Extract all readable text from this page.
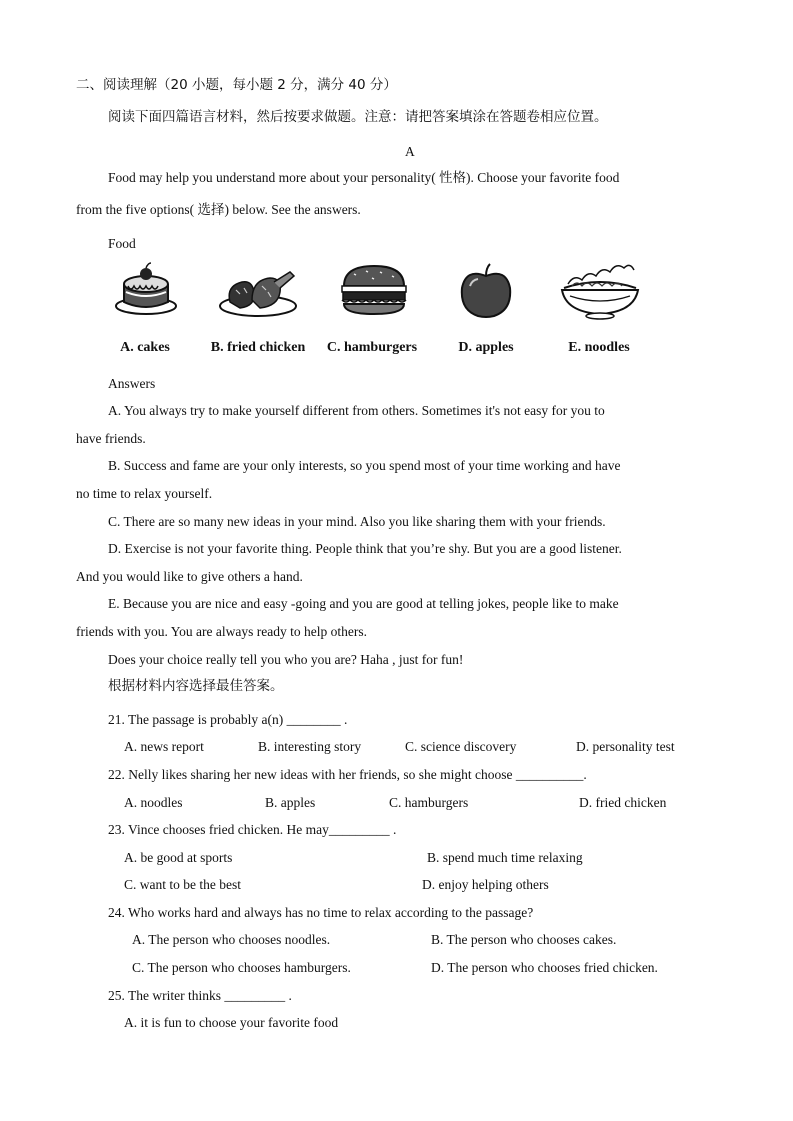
二、阅读理解（20 小题，每小题 2 分，满分 40 分）
阅读下面四篇语言材料，然后按要求做题。注意：请把答案填涂在答题卷相应位置。
A
Food may help you understand more about your personality( 性格). Choose your favorite food
from the five options( 选择) below. See the answers.
Food
A. cakes	B. fried chicken	C. hamburgers	D. apples	E. noodles
Answers
A. You always try to make yourself different from others. Sometimes it's not easy for you to
have friends.
B. Success and fame are your only interests, so you spend most of your time working and have
no time to relax yourself.
C. There are so many new ideas in your mind. Also you like sharing them with your friends.
D. Exercise is not your favorite thing. People think that you’re shy. But you are a good listener.
And you would like to give others a hand.
E. Because you are nice and easy -going and you are good at telling jokes, people like to make
friends with you. You are always ready to help others.
Does your choice really tell you who you are? Haha , just for fun!
根据材料内容选择最佳答案。
21. The passage is probably a(n) ________ .
A. news report	B. interesting story	C. science discovery	D. personality test
22. Nelly likes sharing her new ideas with her friends, so she might choose __________.
A. noodles	B. apples	C. hamburgers	D. fried chicken
23. Vince chooses fried chicken. He may_________ .
A. be good at sports	B. spend much time relaxing
C. want to be the best	D. enjoy helping others
24. Who works hard and always has no time to relax according to the passage?
A. The person who chooses noodles.	B. The person who chooses cakes.
C. The person who chooses hamburgers.	D. The person who chooses fried chicken.
25. The writer thinks _________ .
A. it is fun to choose your favorite food
